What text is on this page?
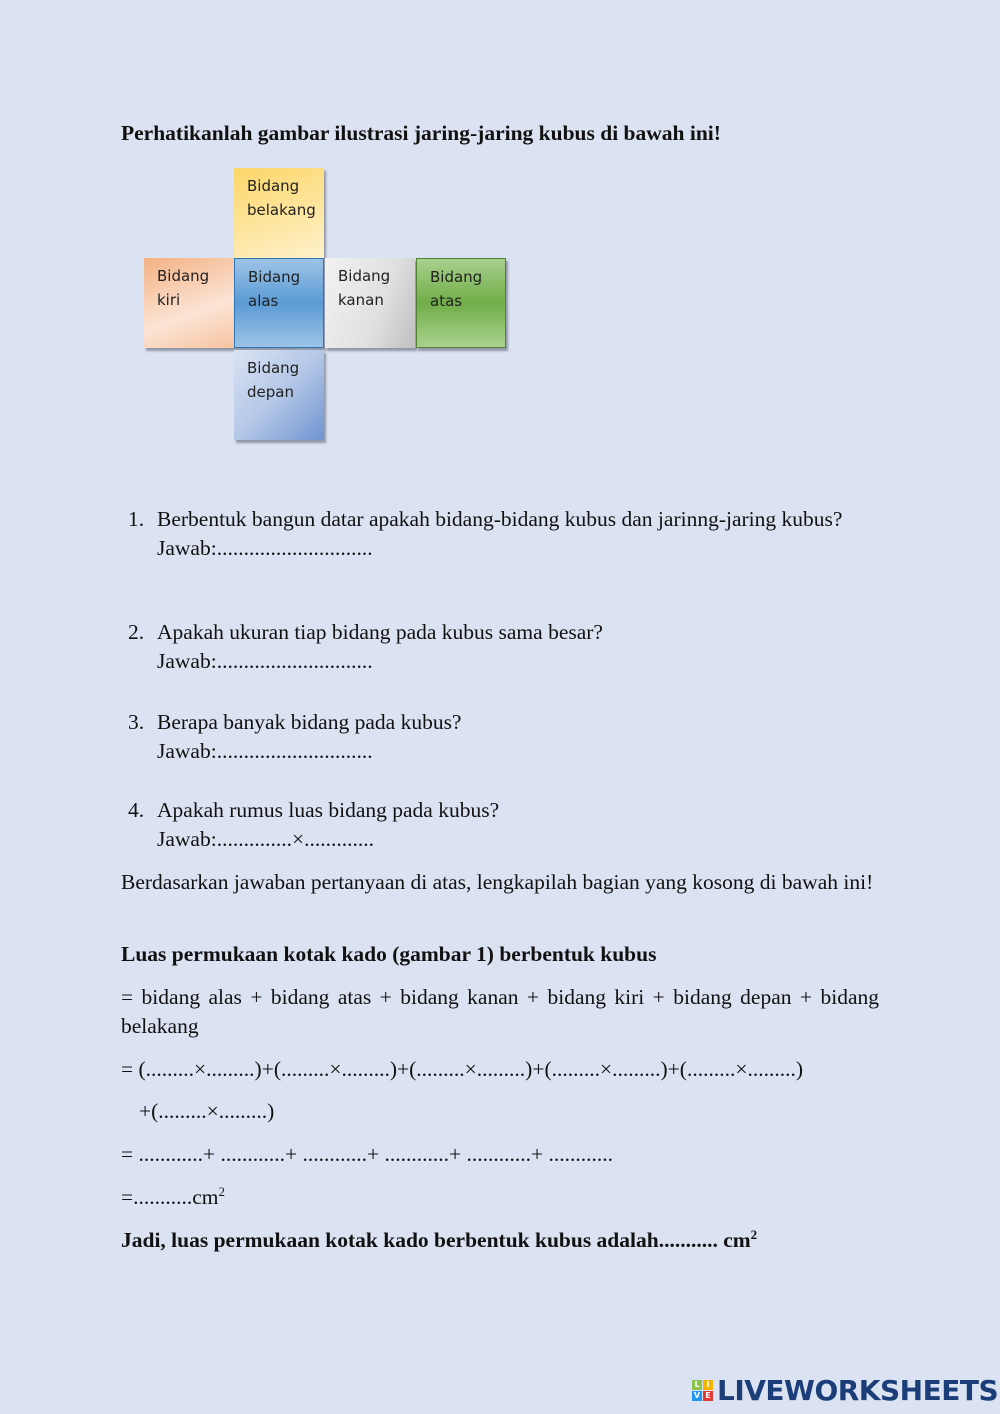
Perhatikanlah gambar ilustrasi jaring-jaring kubus di bawah ini!
Bidang
belakang
Bidang
kiri
Bidang
alas
Bidang
kanan
Bidang
atas
Bidang
depan
1. Berbentuk bangun datar apakah bidang-bidang kubus dan jarinng-jaring kubus?
Jawab:.............................
2. Apakah ukuran tiap bidang pada kubus sama besar?
Jawab:.............................
3. Berapa banyak bidang pada kubus?
Jawab:.............................
4. Apakah rumus luas bidang pada kubus?
Jawab:..............×.............
Berdasarkan jawaban pertanyaan di atas, lengkapilah bagian yang kosong di bawah ini!
Luas permukaan kotak kado (gambar 1) berbentuk kubus
= bidang alas + bidang atas + bidang kanan + bidang kiri + bidang depan + bidang belakang
= (.........×.........)+(.........×.........)+(.........×.........)+(.........×.........)+(.........×.........)
+(.........×.........)
= ............+ ............+ ............+ ............+ ............+ ............
$=...........cm^2$
Jadi, luas permukaan kotak kado berbentuk kubus adalah........... $cm^2$
L I
V E LIVEWORKSHEETS
